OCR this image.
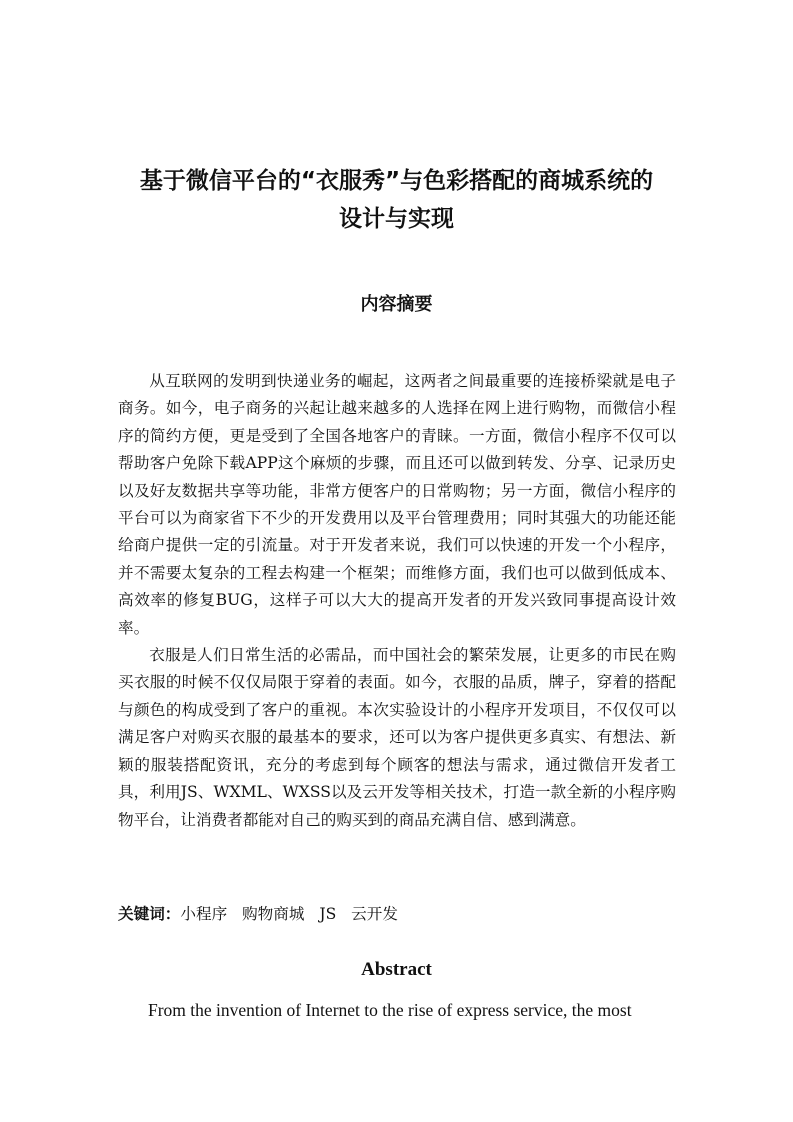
基于微信平台的“衣服秀”与色彩搭配的商城系统的
设计与实现
内容摘要

从互联网的发明到快递业务的崛起，这两者之间最重要的连接桥梁就是电子商务。如今，电子商务的兴起让越来越多的人选择在网上进行购物，而微信小程序的简约方便，更是受到了全国各地客户的青睐。一方面，微信小程序不仅可以帮助客户免除下载APP这个麻烦的步骤，而且还可以做到转发、分享、记录历史以及好友数据共享等功能，非常方便客户的日常购物；另一方面，微信小程序的平台可以为商家省下不少的开发费用以及平台管理费用；同时其强大的功能还能给商户提供一定的引流量。对于开发者来说，我们可以快速的开发一个小程序，并不需要太复杂的工程去构建一个框架；而维修方面，我们也可以做到低成本、高效率的修复BUG，这样子可以大大的提高开发者的开发兴致同事提高设计效率。

衣服是人们日常生活的必需品，而中国社会的繁荣发展，让更多的市民在购买衣服的时候不仅仅局限于穿着的表面。如今，衣服的品质，牌子，穿着的搭配与颜色的构成受到了客户的重视。本次实验设计的小程序开发项目，不仅仅可以满足客户对购买衣服的最基本的要求，还可以为客户提供更多真实、有想法、新颖的服装搭配资讯，充分的考虑到每个顾客的想法与需求，通过微信开发者工具，利用JS、WXML、WXSS以及云开发等相关技术，打造一款全新的小程序购物平台，让消费者都能对自己的购买到的商品充满自信、感到满意。

关键词：小程序 购物商城 JS 云开发
Abstract

From the invention of Internet to the rise of express service, the most
